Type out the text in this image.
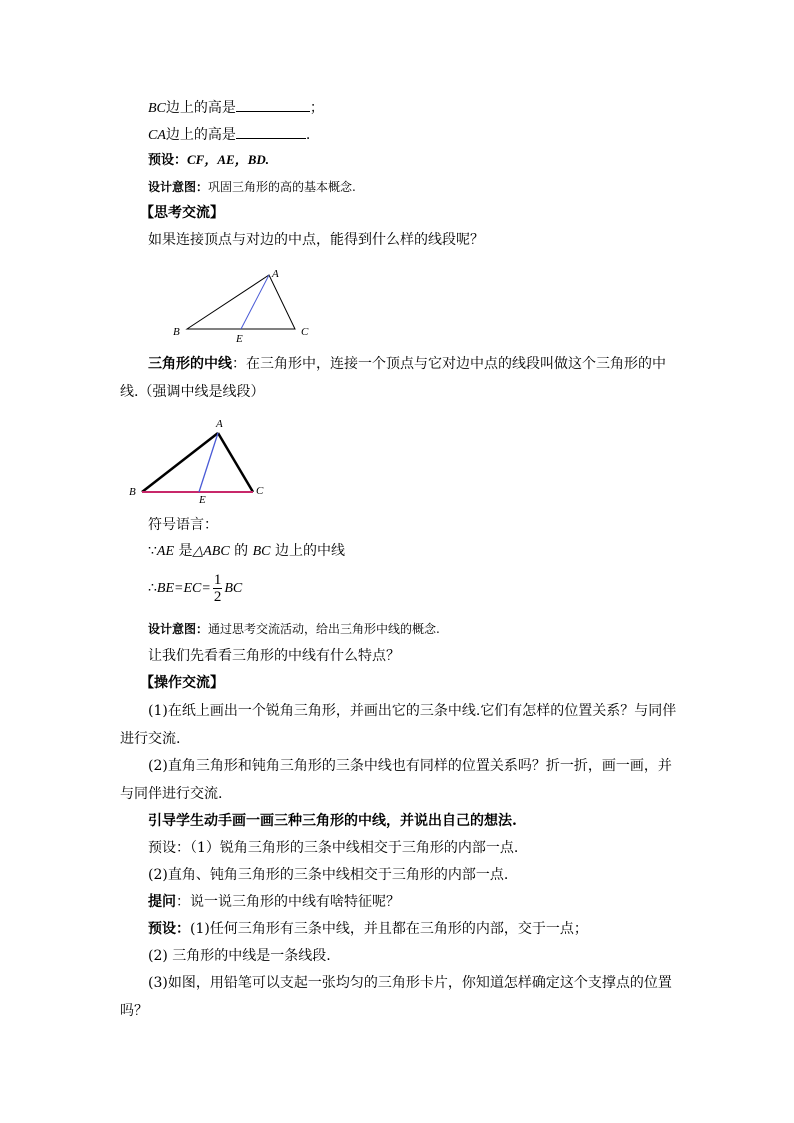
BC边上的高是	；
CA边上的高是	.
预设：CF，AE，BD.
设计意图：巩固三角形的高的基本概念.
【思考交流】
如果连接顶点与对边的中点，能得到什么样的线段呢？
A
B	C
E
三角形的中线：在三角形中，连接一个顶点与它对边中点的线段叫做这个三角形的中
线.（强调中线是线段）
A
B	C
E
符号语言：
∵AE 是△ABC 的 BC 边上的中线
∴BE=EC= $\frac{1}{2}$ BC
设计意图：通过思考交流活动，给出三角形中线的概念.
让我们先看看三角形的中线有什么特点？
【操作交流】
(1)在纸上画出一个锐角三角形，并画出它的三条中线.它们有怎样的位置关系？与同伴
进行交流.
(2)直角三角形和钝角三角形的三条中线也有同样的位置关系吗？折一折，画一画，并
与同伴进行交流.
引导学生动手画一画三种三角形的中线，并说出自己的想法.
预设：（1）锐角三角形的三条中线相交于三角形的内部一点.
(2)直角、钝角三角形的三条中线相交于三角形的内部一点.
提问：说一说三角形的中线有啥特征呢？
预设：(1)任何三角形有三条中线，并且都在三角形的内部，交于一点；
(2) 三角形的中线是一条线段.
(3)如图，用铅笔可以支起一张均匀的三角形卡片，你知道怎样确定这个支撑点的位置
吗？
